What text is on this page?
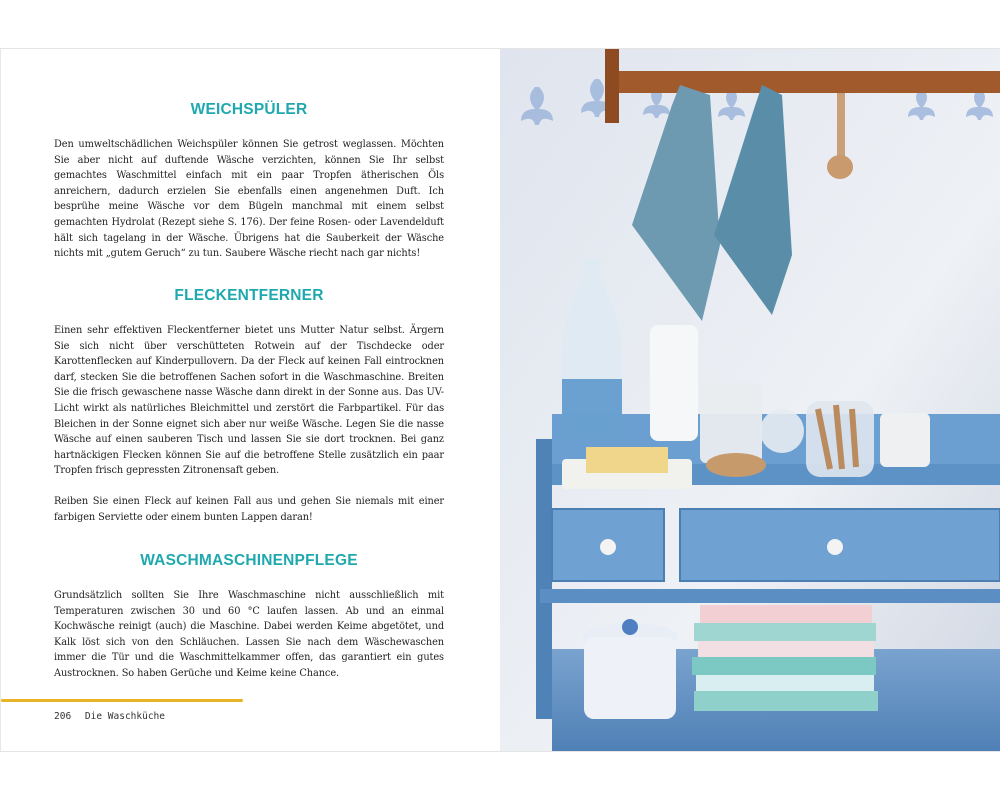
WEICHSPÜLER

Den umweltschädlichen Weichspüler können Sie getrost weglassen. Möchten Sie aber nicht auf duftende Wäsche verzichten, können Sie Ihr selbst gemachtes Waschmittel einfach mit ein paar Tropfen ätherischen Öls anreichern, dadurch erzielen Sie ebenfalls einen angenehmen Duft. Ich besprühe meine Wäsche vor dem Bügeln manchmal mit einem selbst gemachten Hydrolat (Rezept siehe S. 176). Der feine Rosen- oder Lavendelduft hält sich tagelang in der Wäsche. Übrigens hat die Sauberkeit der Wäsche nichts mit „gutem Geruch“ zu tun. Saubere Wäsche riecht nach gar nichts!

FLECKENTFERNER

Einen sehr effektiven Fleckentferner bietet uns Mutter Natur selbst. Ärgern Sie sich nicht über verschütteten Rotwein auf der Tischdecke oder Karottenflecken auf Kinderpullovern. Da der Fleck auf keinen Fall eintrocknen darf, stecken Sie die betroffenen Sachen sofort in die Waschmaschine. Breiten Sie die frisch gewaschene nasse Wäsche dann direkt in der Sonne aus. Das UV-Licht wirkt als natürliches Bleichmittel und zerstört die Farbpartikel. Für das Bleichen in der Sonne eignet sich aber nur weiße Wäsche. Legen Sie die nasse Wäsche auf einen sauberen Tisch und lassen Sie sie dort trocknen. Bei ganz hartnäckigen Flecken können Sie auf die betroffene Stelle zusätzlich ein paar Tropfen frisch gepressten Zitronensaft geben.

Reiben Sie einen Fleck auf keinen Fall aus und gehen Sie niemals mit einer farbigen Serviette oder einem bunten Lappen daran!

WASCHMASCHINENPFLEGE

Grundsätzlich sollten Sie Ihre Waschmaschine nicht ausschließlich mit Temperaturen zwischen 30 und 60 °C laufen lassen. Ab und an einmal Kochwäsche reinigt (auch) die Maschine. Dabei werden Keime abgetötet, und Kalk löst sich von den Schläuchen. Lassen Sie nach dem Wäschewaschen immer die Tür und die Waschmittelkammer offen, das garantiert ein gutes Austrocknen. So haben Gerüche und Keime keine Chance.

206 Die Waschküche
